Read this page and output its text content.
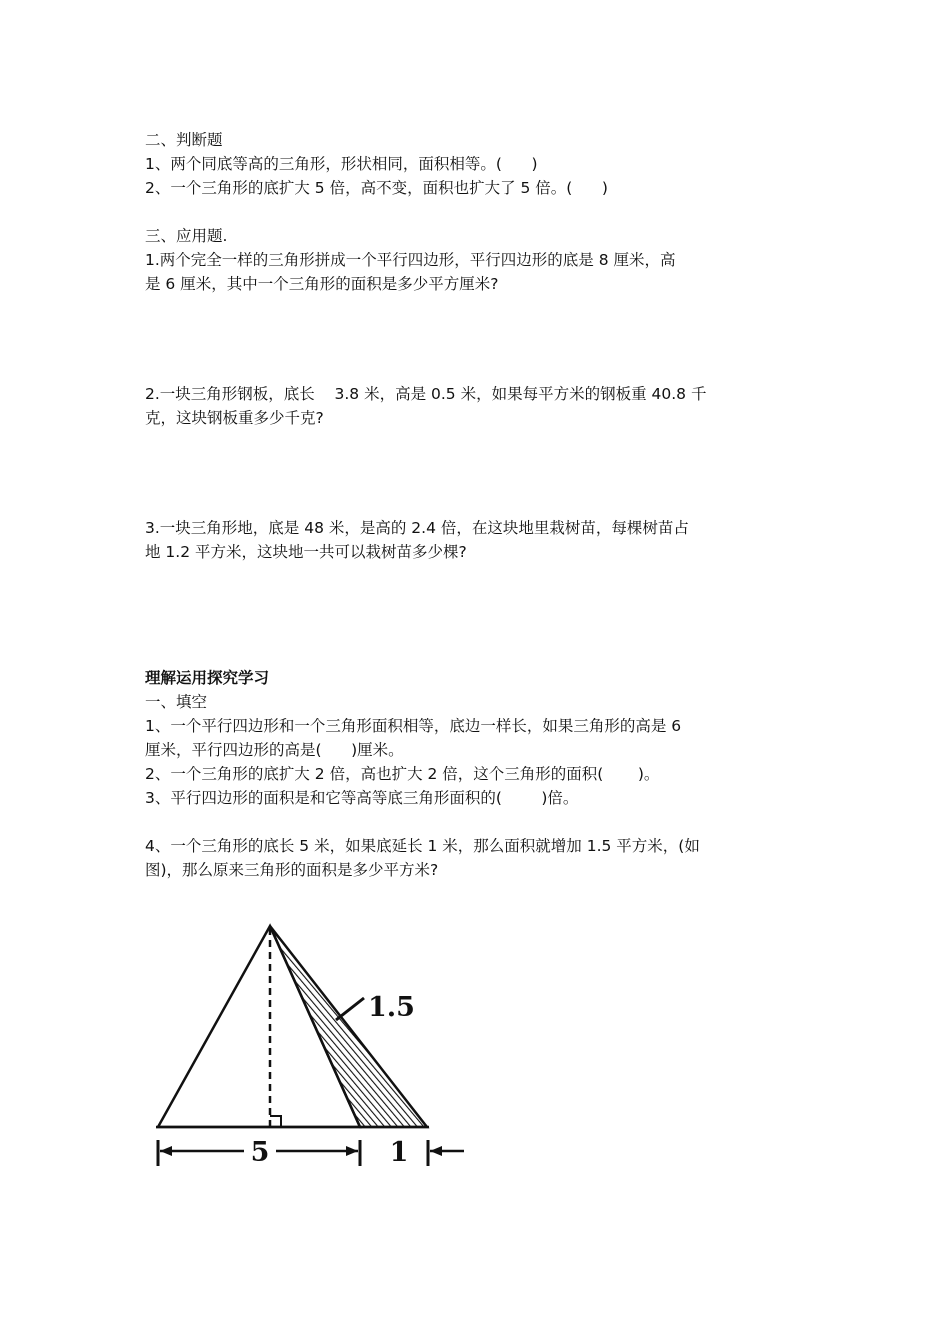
二、判断题

1、两个同底等高的三角形，形状相同，面积相等。(      )

2、一个三角形的底扩大 5 倍，高不变，面积也扩大了 5 倍。(      )

三、应用题.

1.两个完全一样的三角形拼成一个平行四边形，平行四边形的底是 8 厘米，高

是 6 厘米，其中一个三角形的面积是多少平方厘米?

2.一块三角形钢板，底长    3.8 米，高是 0.5 米，如果每平方米的钢板重 40.8 千

克，这块钢板重多少千克?

3.一块三角形地，底是 48 米，是高的 2.4 倍，在这块地里栽树苗，每棵树苗占

地 1.2 平方米，这块地一共可以栽树苗多少棵?

理解运用探究学习

一、填空

1、一个平行四边形和一个三角形面积相等，底边一样长，如果三角形的高是 6

厘米，平行四边形的高是(      )厘米。

2、一个三角形的底扩大 2 倍，高也扩大 2 倍，这个三角形的面积(       )。

3、平行四边形的面积是和它等高等底三角形面积的(        )倍。

4、一个三角形的底长 5 米，如果底延长 1 米，那么面积就增加 1.5 平方米，(如

图)，那么原来三角形的面积是多少平方米?

1.5
5	1
